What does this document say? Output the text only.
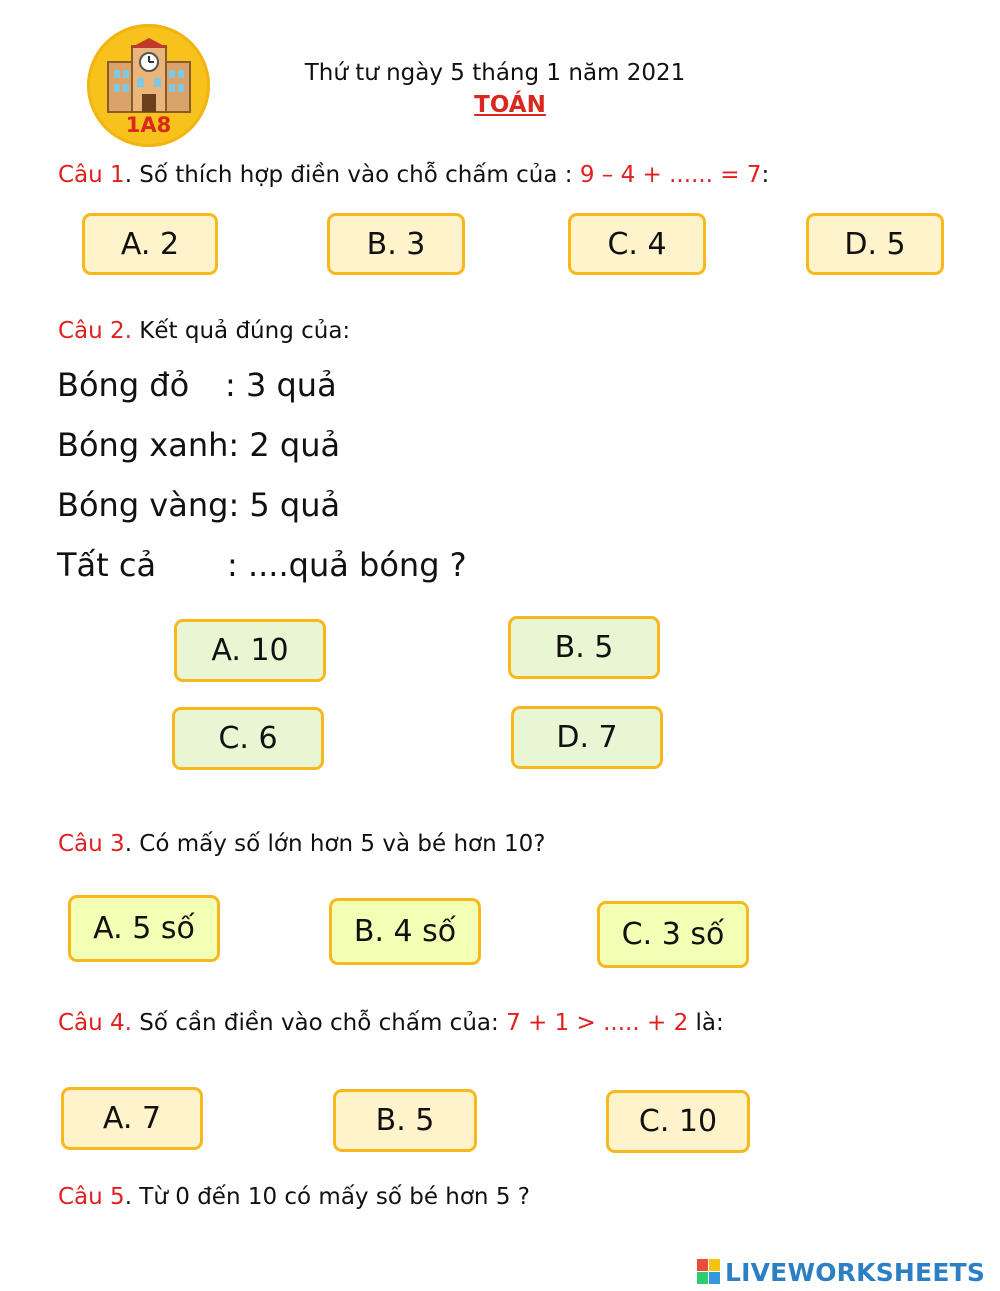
1A8
Thứ tư ngày 5 tháng 1 năm 2021
TOÁN
Câu 1. Số thích hợp điền vào chỗ chấm của : 9 – 4 + ...... = 7:
A. 2	B. 3	C. 4	D. 5
Câu 2. Kết quả đúng của:
Bóng đỏ : 3 quả
Bóng xanh: 2 quả
Bóng vàng: 5 quả
Tất cả : ....quả bóng ?
A. 10	B. 5
C. 6	D. 7
Câu 3. Có mấy số lớn hơn 5 và bé hơn 10?
A. 5 số	B. 4 số	C. 3 số
Câu 4. Số cần điền vào chỗ chấm của: 7 + 1 > ..... + 2 là:
A. 7	B. 5	C. 10
Câu 5. Từ 0 đến 10 có mấy số bé hơn 5 ?
LIVEWORKSHEETS
